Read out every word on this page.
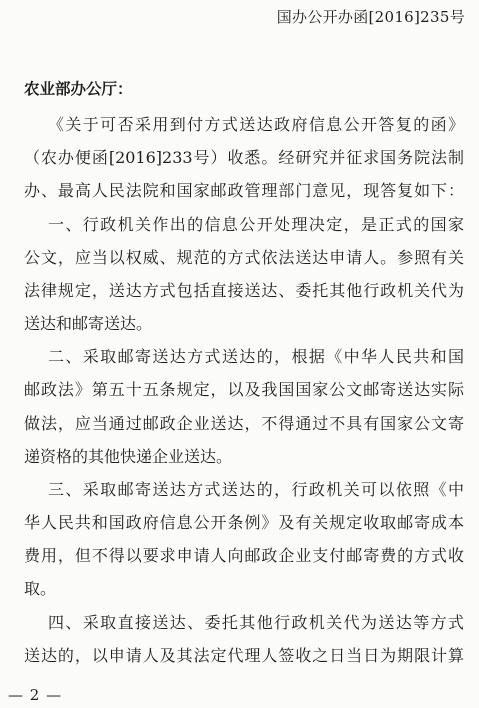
国办公开办函[2016]235号
农业部办公厅：
《关于可否采用到付方式送达政府信息公开答复的函》
（农办便函[2016]233号）收悉。经研究并征求国务院法制
办、最高人民法院和国家邮政管理部门意见，现答复如下：
一、行政机关作出的信息公开处理决定，是正式的国家
公文，应当以权威、规范的方式依法送达申请人。参照有关
法律规定，送达方式包括直接送达、委托其他行政机关代为
送达和邮寄送达。
二、采取邮寄送达方式送达的，根据《中华人民共和国
邮政法》第五十五条规定，以及我国国家公文邮寄送达实际
做法，应当通过邮政企业送达，不得通过不具有国家公文寄
递资格的其他快递企业送达。
三、采取邮寄送达方式送达的，行政机关可以依照《中
华人民共和国政府信息公开条例》及有关规定收取邮寄成本
费用，但不得以要求申请人向邮政企业支付邮寄费的方式收
取。
四、采取直接送达、委托其他行政机关代为送达等方式
送达的，以申请人及其法定代理人签收之日当日为期限计算
— 2 —
